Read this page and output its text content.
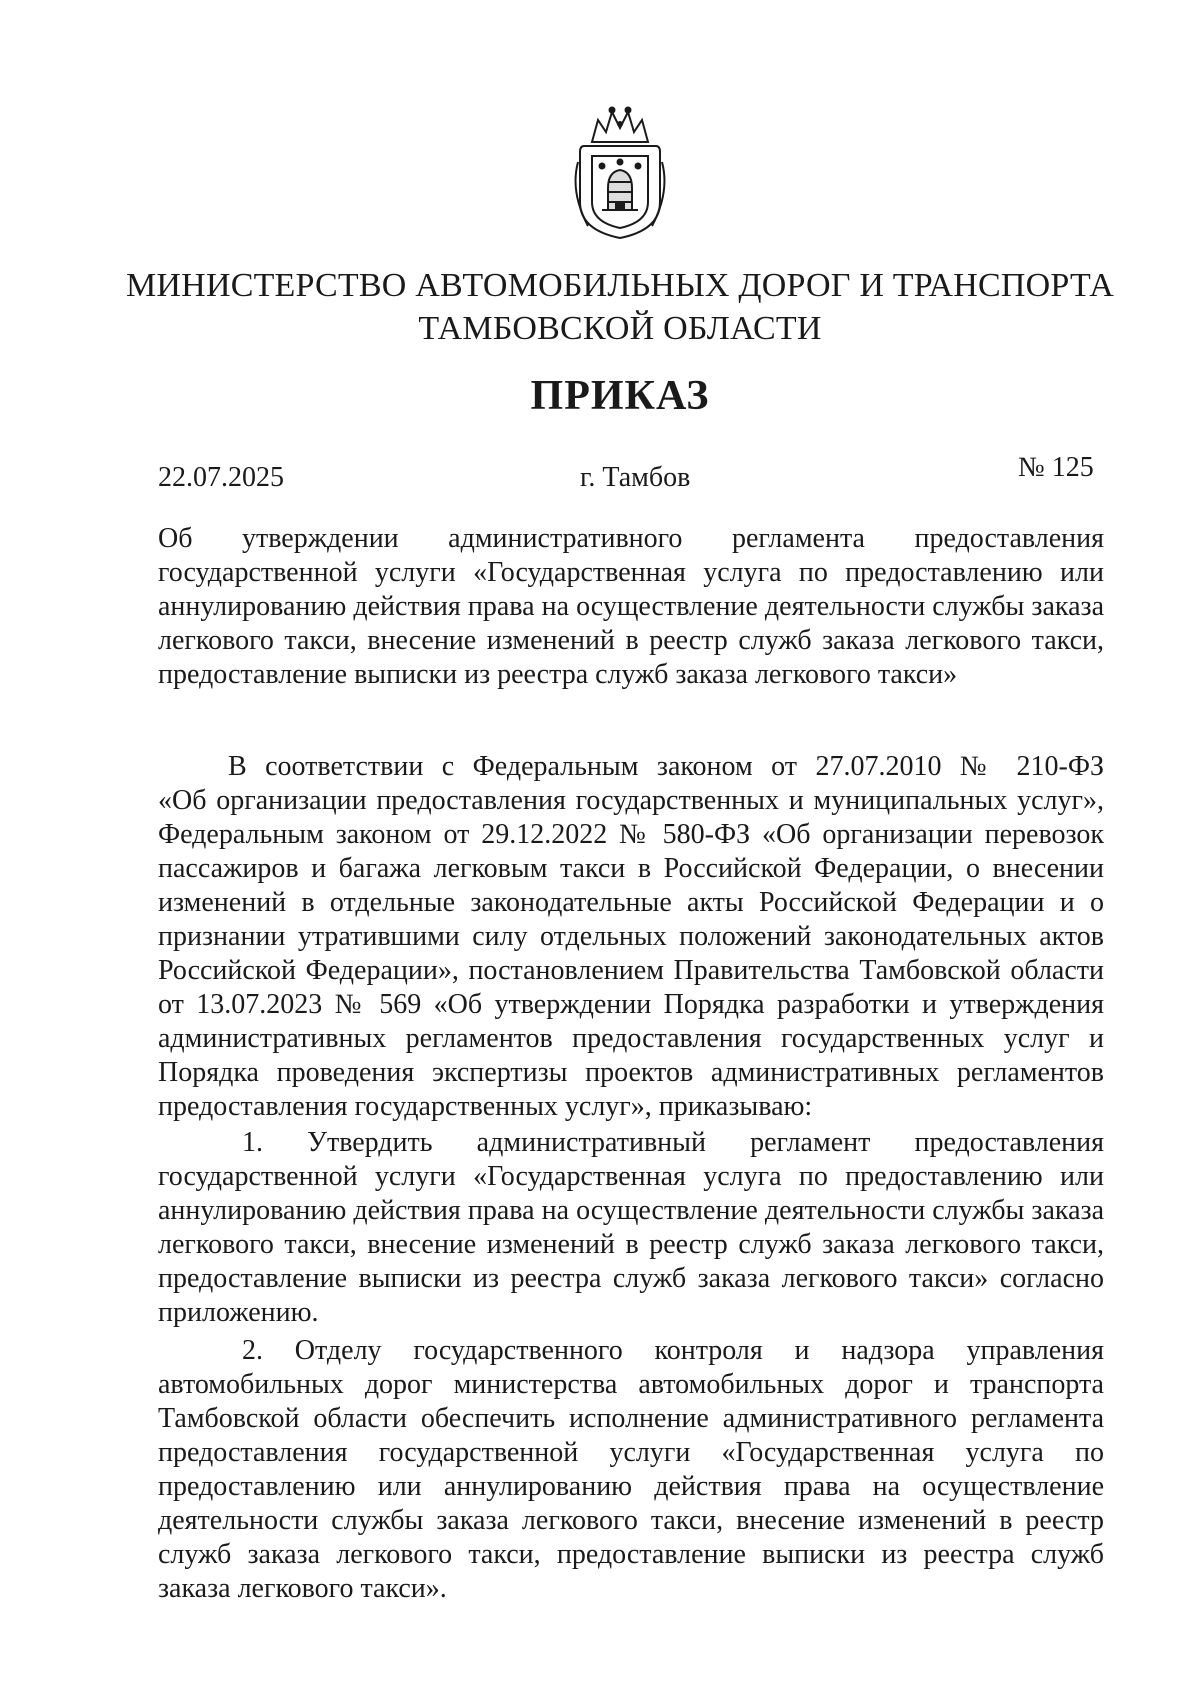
МИНИСТЕРСТВО АВТОМОБИЛЬНЫХ ДОРОГ И ТРАНСПОРТА
ТАМБОВСКОЙ ОБЛАСТИ
ПРИКАЗ
22.07.2025	г. Тамбов	№ 125
Об утверждении административного регламента предоставления
государственной услуги «Государственная услуга по предоставлению или
аннулированию действия права на осуществление деятельности службы заказа
легкового такси, внесение изменений в реестр служб заказа легкового такси,
предоставление выписки из реестра служб заказа легкового такси»
В соответствии с Федеральным законом от 27.07.2010 № 210-ФЗ
«Об организации предоставления государственных и муниципальных услуг»,
Федеральным законом от 29.12.2022 № 580-ФЗ «Об организации перевозок
пассажиров и багажа легковым такси в Российской Федерации, о внесении
изменений в отдельные законодательные акты Российской Федерации и о
признании утратившими силу отдельных положений законодательных актов
Российской Федерации», постановлением Правительства Тамбовской области
от 13.07.2023 № 569 «Об утверждении Порядка разработки и утверждения
административных регламентов предоставления государственных услуг и
Порядка проведения экспертизы проектов административных регламентов
предоставления государственных услуг», приказываю:
1. Утвердить административный регламент предоставления
государственной услуги «Государственная услуга по предоставлению или
аннулированию действия права на осуществление деятельности службы заказа
легкового такси, внесение изменений в реестр служб заказа легкового такси,
предоставление выписки из реестра служб заказа легкового такси» согласно
приложению.
2. Отделу государственного контроля и надзора управления
автомобильных дорог министерства автомобильных дорог и транспорта
Тамбовской области обеспечить исполнение административного регламента
предоставления государственной услуги «Государственная услуга по
предоставлению или аннулированию действия права на осуществление
деятельности службы заказа легкового такси, внесение изменений в реестр
служб заказа легкового такси, предоставление выписки из реестра служб
заказа легкового такси».
